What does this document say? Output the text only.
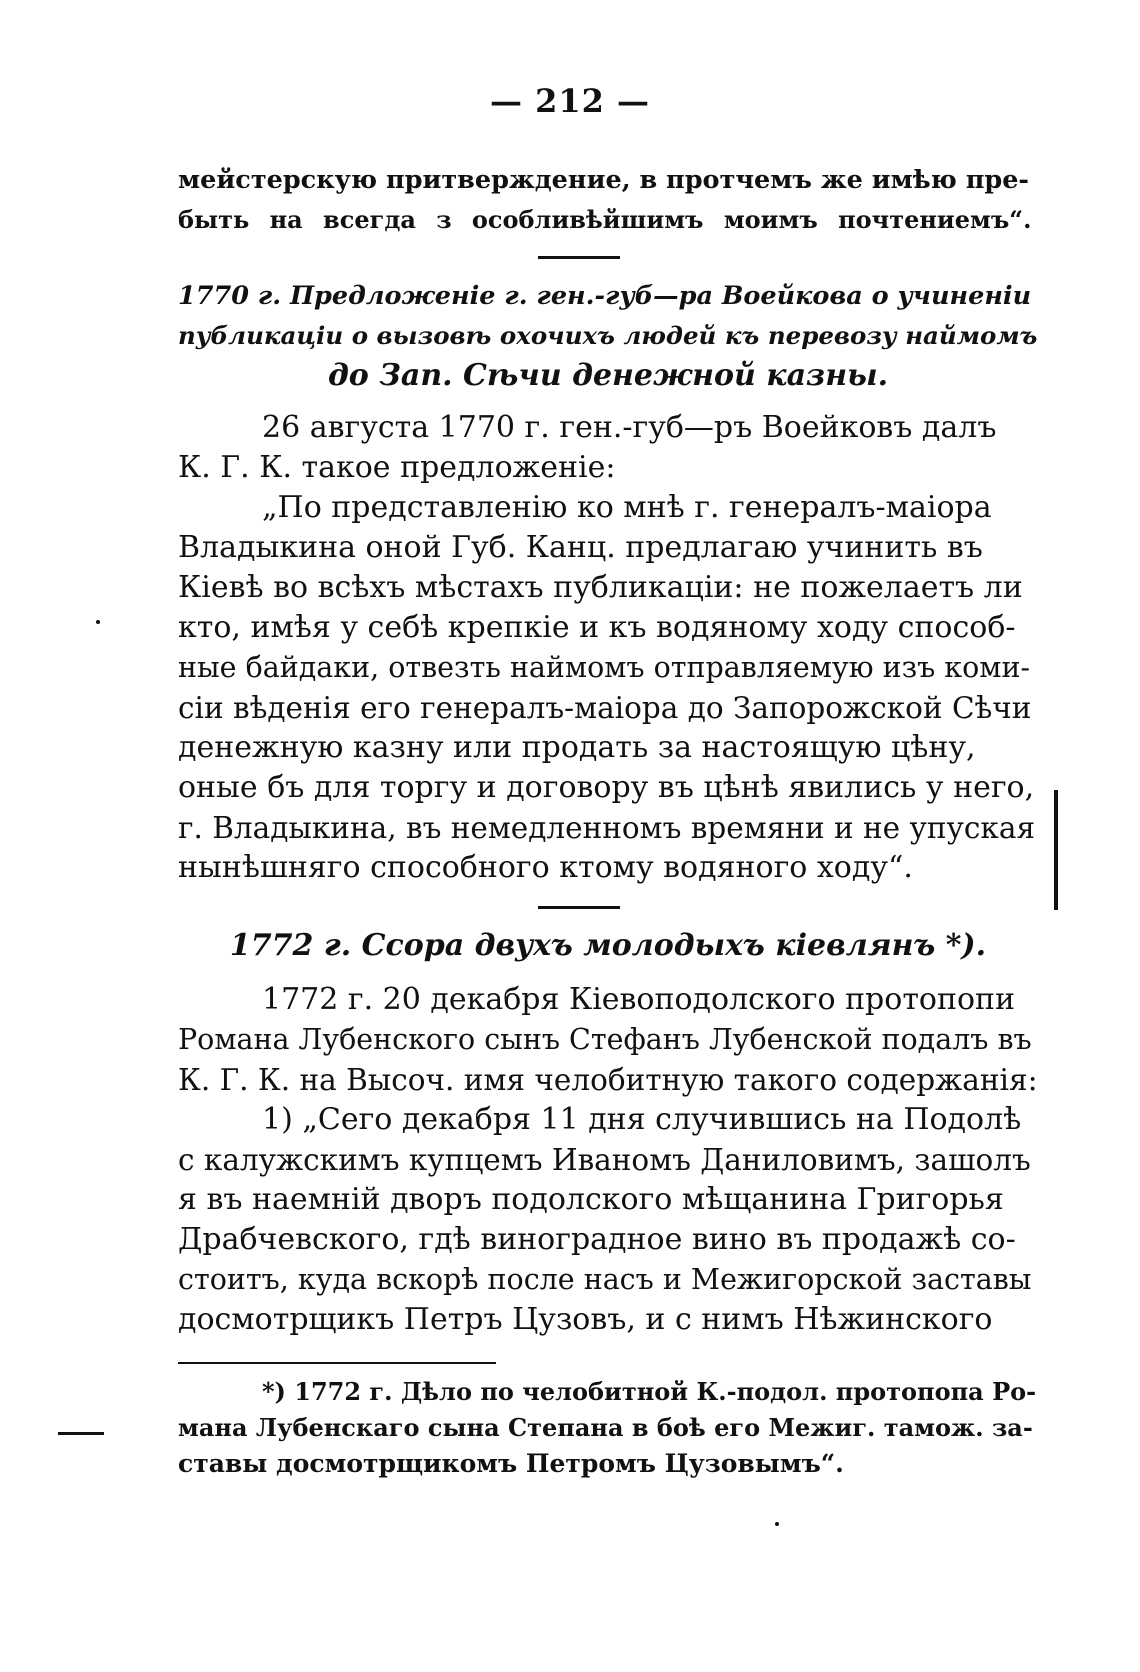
— 212 —
мейстерскую притверждение, в протчемъ же имѣю пре-
быть на всегда з особливѣйшимъ моимъ почтениемъ“.
1770 г. Предложеніе г. ген.-губ—ра Воейкова о учиненіи
публикаціи о вызовѣ охочихъ людей къ перевозу наймомъ
до Зап. Сѣчи денежной казны.
26 августа 1770 г. ген.-губ—ръ Воейковъ далъ
К. Г. К. такое предложеніе:
„По представленію ко мнѣ г. генералъ-маіора
Владыкина оной Губ. Канц. предлагаю учинить въ
Кіевѣ во всѣхъ мѣстахъ публикаціи: не пожелаетъ ли
кто, имѣя у себѣ крепкіе и къ водяному ходу способ-
ные байдаки, отвезть наймомъ отправляемую изъ коми-
сіи вѣденія его генералъ-маіора до Запорожской Сѣчи
денежную казну или продать за настоящую цѣну,
оные бъ для торгу и договору въ цѣнѣ явились у него,
г. Владыкина, въ немедленномъ времяни и не упуская
нынѣшняго способного ктому водяного ходу“.
1772 г. Ссора двухъ молодыхъ кіевлянъ *).
1772 г. 20 декабря Кіевоподолского протопопи
Романа Лубенского сынъ Стефанъ Лубенской подалъ въ
К. Г. К. на Высоч. имя челобитную такого содержанія:
1) „Сего декабря 11 дня случившись на Подолѣ
с калужскимъ купцемъ Иваномъ Даниловимъ, зашолъ
я въ наемній дворъ подолского мѣщанина Григорья
Драбчевского, гдѣ виноградное вино въ продажѣ со-
стоитъ, куда вскорѣ после насъ и Межигорской заставы
досмотрщикъ Петръ Цузовъ, и с нимъ Нѣжинского
*) 1772 г. Дѣло по челобитной К.-подол. протопопа Ро-
мана Лубенскаго сына Степана в боѣ его Межиг. тамож. за-
ставы досмотрщикомъ Петромъ Цузовымъ“.
